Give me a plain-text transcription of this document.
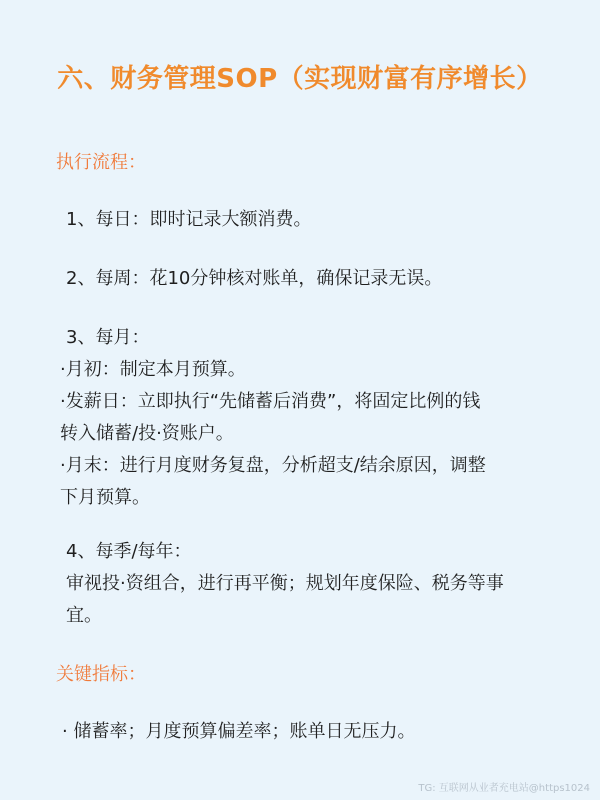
六、财务管理SOP（实现财富有序增长）
执行流程：
1、每日：即时记录大额消费。
2、每周：花10分钟核对账单，确保记录无误。
3、每月：
·月初：制定本月预算。
·发薪日：立即执行“先储蓄后消费”，将固定比例的钱
转入储蓄/投·资账户。
·月末：进行月度财务复盘，分析超支/结余原因，调整
下月预算。
4、每季/每年：
审视投·资组合，进行再平衡；规划年度保险、税务等事
宜。
关键指标：
· 储蓄率；月度预算偏差率；账单日无压力。
TG: 互联网从业者充电站@https1024
